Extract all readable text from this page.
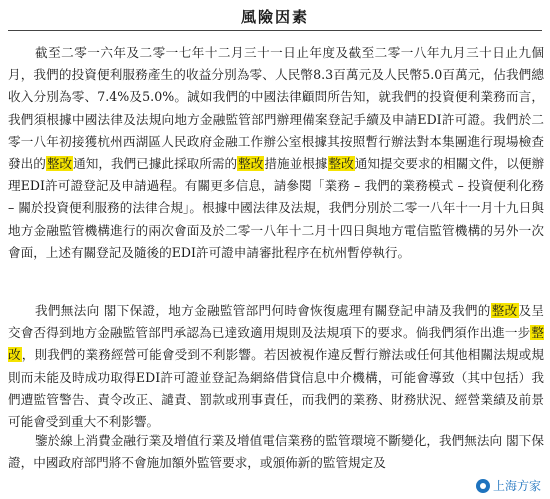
風險因素
截至二零一六年及二零一七年十二月三十一日止年度及截至二零一八年九月三十日止九個月，我們的投資便利服務產生的收益分別為零、人民幣8.3百萬元及人民幣5.0百萬元，佔我們總收入分別為零、7.4%及5.0%。誠如我們的中國法律顧問所告知，就我們的投資便利業務而言，我們須根據中國法律及法規向地方金融監管部門辦理備案登記手續及申請EDI許可證。我們於二零一八年初接獲杭州西湖區人民政府金融工作辦公室根據其按照暫行辦法對本集團進行現場檢查發出的整改通知，我們已據此採取所需的整改措施並根據整改通知提交要求的相關文件，以便辦理EDI許可證登記及申請過程。有關更多信息，請參閱「業務 – 我們的業務模式 – 投資便利化務 – 關於投資便利服務的法律合規」。根據中國法律及法規，我們分別於二零一八年十一月十九日與地方金融監管機構進行的兩次會面及於二零一八年十二月十四日與地方電信監管機構的另外一次會面，上述有關登記及隨後的EDI許可證申請審批程序在杭州暫停執行。
我們無法向 閣下保證，地方金融監管部門何時會恢復處理有關登記申請及我們的整改及呈交會否得到地方金融監管部門承認為已達致適用規則及法規項下的要求。倘我們須作出進一步整改，則我們的業務經營可能會受到不利影響。若因被視作違反暫行辦法或任何其他相關法規或規則而未能及時成功取得EDI許可證並登記為網絡借貸信息中介機構，可能會導致（其中包括）我們遭監管警告、責令改正、譴責、罰款或刑事責任，而我們的業務、財務狀況、經營業績及前景可能會受到重大不利影響。
鑒於線上消費金融行業及增值行業及增值電信業務的監管環境不斷變化，我們無法向 閣下保證，中國政府部門將不會施加額外監管要求，或頒佈新的監管規定及
上海方家
